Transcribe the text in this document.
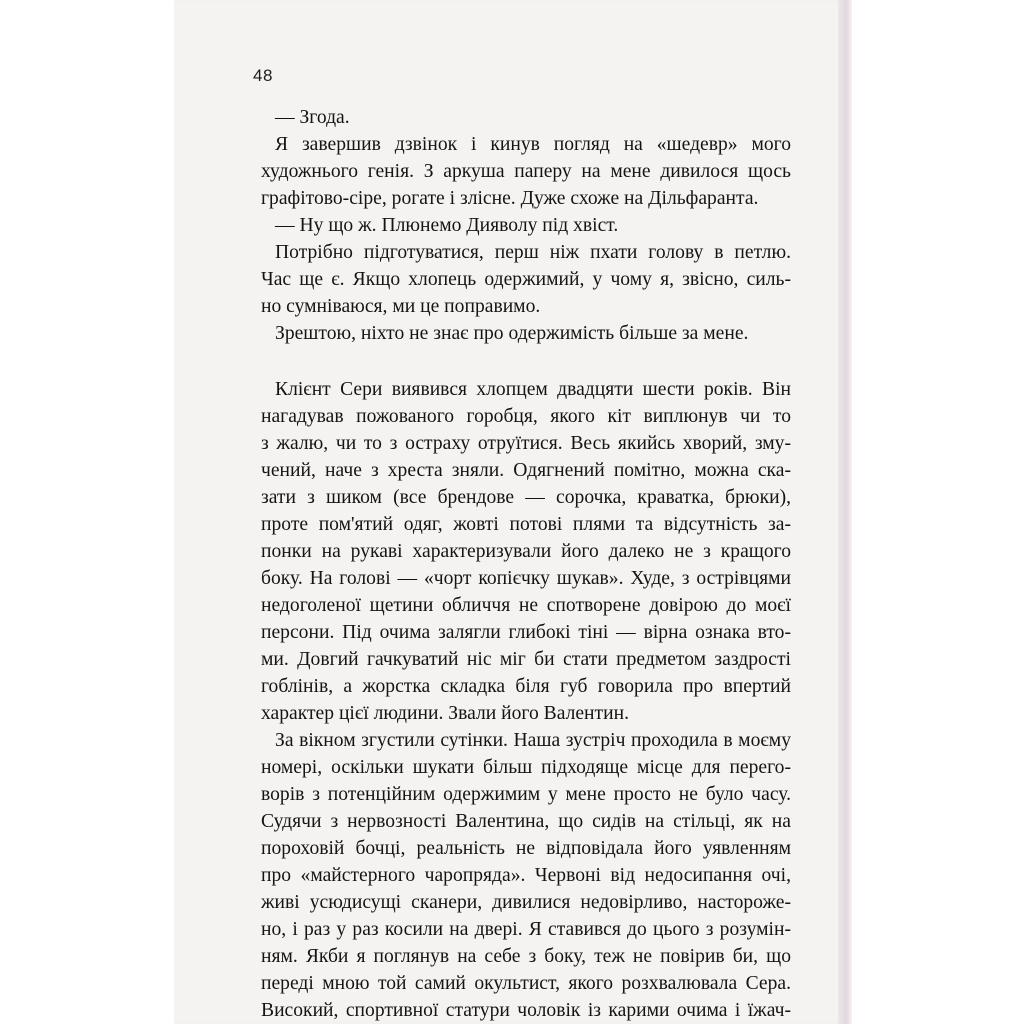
48
— Згода.
Я завершив дзвінок і кинув погляд на «шедевр» мого
художнього генія. З аркуша паперу на мене дивилося щось
графітово-сіре, рогате і злісне. Дуже схоже на Дільфаранта.
— Ну що ж. Плюнемо Дияволу під хвіст.
Потрібно підготуватися, перш ніж пхати голову в петлю.
Час ще є. Якщо хлопець одержимий, у чому я, звісно, силь-
но сумніваюся, ми це поправимо.
Зрештою, ніхто не знає про одержимість більше за мене.
Клієнт Сери виявився хлопцем двадцяти шести років. Він
нагадував пожованого горобця, якого кіт виплюнув чи то
з жалю, чи то з остраху отруїтися. Весь якийсь хворий, зму-
чений, наче з хреста зняли. Одягнений помітно, можна ска-
зати з шиком (все брендове — сорочка, краватка, брюки),
проте пом'ятий одяг, жовті потові плями та відсутність за-
понки на рукаві характеризували його далеко не з кращого
боку. На голові — «чорт копієчку шукав». Худе, з острівцями
недоголеної щетини обличчя не спотворене довірою до моєї
персони. Під очима залягли глибокі тіні — вірна ознака вто-
ми. Довгий гачкуватий ніс міг би стати предметом заздрості
гоблінів, а жорстка складка біля губ говорила про впертий
характер цієї людини. Звали його Валентин.
За вікном згустили сутінки. Наша зустріч проходила в моєму
номері, оскільки шукати більш підходяще місце для перего-
ворів з потенційним одержимим у мене просто не було часу.
Судячи з нервозності Валентина, що сидів на стільці, як на
пороховій бочці, реальність не відповідала його уявленням
про «майстерного чаропряда». Червоні від недосипання очі,
живі усюдисущі сканери, дивилися недовірливо, настороже-
но, і раз у раз косили на двері. Я ставився до цього з розумін-
ням. Якби я поглянув на себе з боку, теж не повірив би, що
переді мною той самий окультист, якого розхвалювала Сера.
Високий, спортивної статури чоловік із карими очима і їжач-
